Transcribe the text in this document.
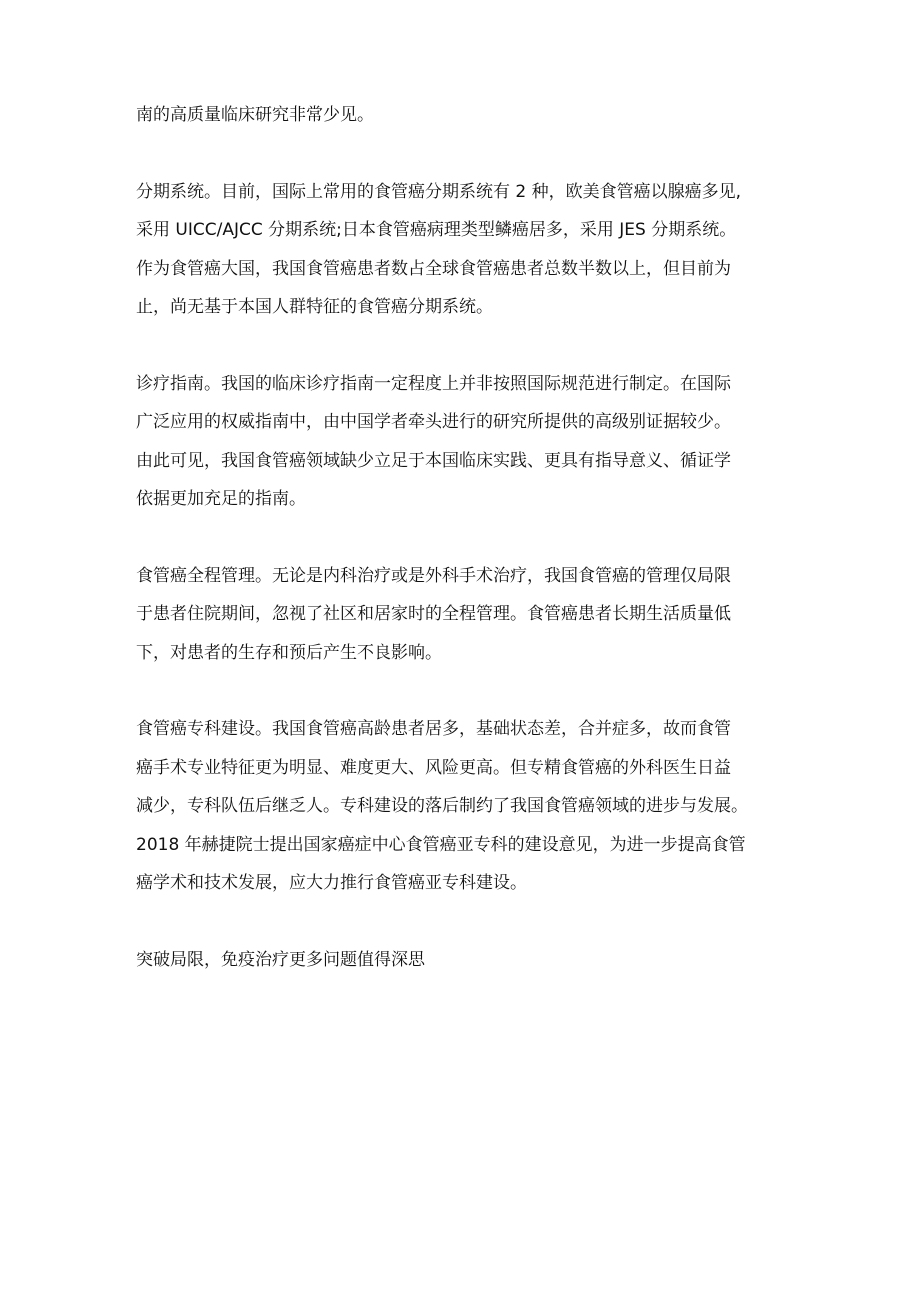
南的高质量临床研究非常少见。

分期系统。目前，国际上常用的食管癌分期系统有 2 种，欧美食管癌以腺癌多见,
采用 UICC/AJCC 分期系统;日本食管癌病理类型鳞癌居多，采用 JES 分期系统。
作为食管癌大国，我国食管癌患者数占全球食管癌患者总数半数以上，但目前为
止，尚无基于本国人群特征的食管癌分期系统。

诊疗指南。我国的临床诊疗指南一定程度上并非按照国际规范进行制定。在国际
广泛应用的权威指南中，由中国学者牵头进行的研究所提供的高级别证据较少。
由此可见，我国食管癌领域缺少立足于本国临床实践、更具有指导意义、循证学
依据更加充足的指南。

食管癌全程管理。无论是内科治疗或是外科手术治疗，我国食管癌的管理仅局限
于患者住院期间，忽视了社区和居家时的全程管理。食管癌患者长期生活质量低
下，对患者的生存和预后产生不良影响。

食管癌专科建设。我国食管癌高龄患者居多，基础状态差，合并症多，故而食管
癌手术专业特征更为明显、难度更大、风险更高。但专精食管癌的外科医生日益
减少，专科队伍后继乏人。专科建设的落后制约了我国食管癌领域的进步与发展。
2018 年赫捷院士提出国家癌症中心食管癌亚专科的建设意见，为进一步提高食管
癌学术和技术发展，应大力推行食管癌亚专科建设。

突破局限，免疫治疗更多问题值得深思
